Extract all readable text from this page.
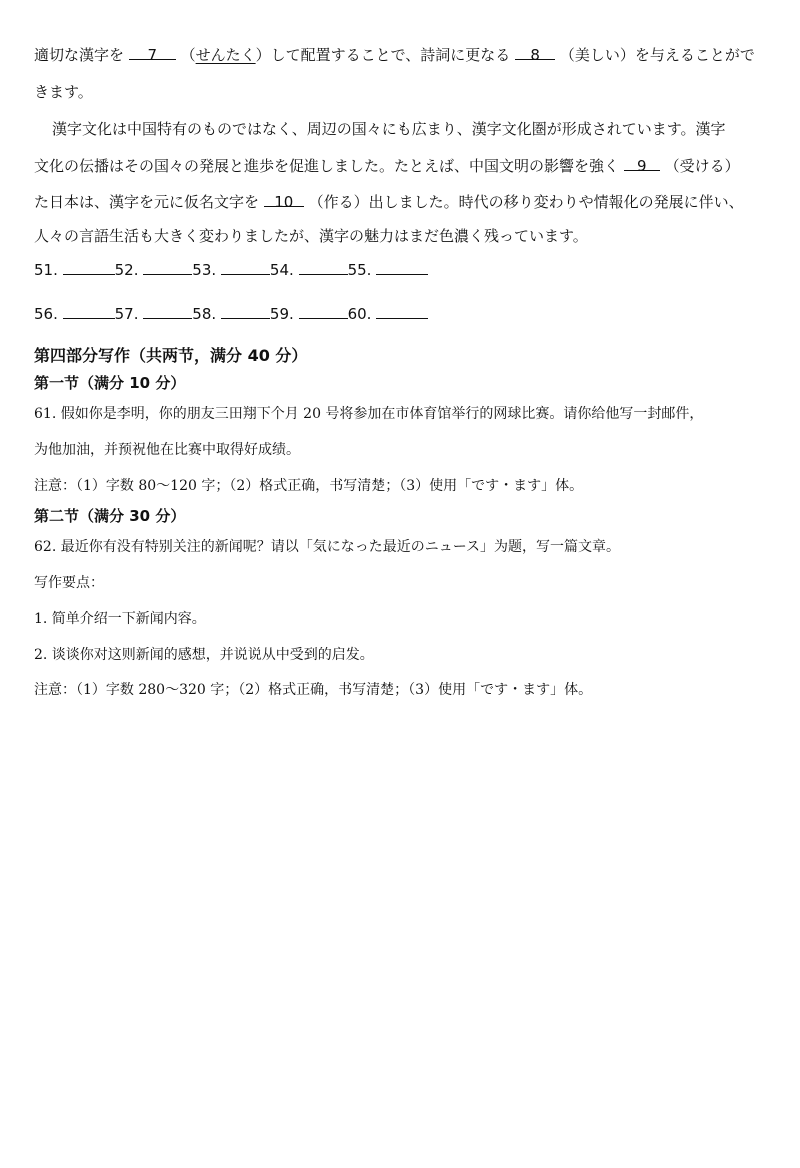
適切な漢字を 7 （せんたく）して配置することで、詩詞に更なる 8 （美しい）を与えることがで
きます。
漢字文化は中国特有のものではなく、周辺の国々にも広まり、漢字文化圏が形成されています。漢字
文化の伝播はその国々の発展と進歩を促進しました。たとえば、中国文明の影響を強く 9 （受ける）
た日本は、漢字を元に仮名文字を 10 （作る）出しました。時代の移り変わりや情報化の発展に伴い、
人々の言語生活も大きく変わりましたが、漢字の魅力はまだ色濃く残っています。
51.	52.	53.	54.	55.
56.	57.	58.	59.	60.
第四部分写作（共两节，满分 40 分）
第一节（满分 10 分）
61. 假如你是李明，你的朋友三田翔下个月 20 号将参加在市体育馆举行的网球比赛。请你给他写一封邮件，
为他加油，并预祝他在比赛中取得好成绩。
注意：（1）字数 80～120 字；（2）格式正确，书写清楚；（3）使用「です・ます」体。
第二节（满分 30 分）
62. 最近你有没有特别关注的新闻呢？请以「気になった最近のニュース」为题，写一篇文章。
写作要点：
1. 简单介绍一下新闻内容。
2. 谈谈你对这则新闻的感想，并说说从中受到的启发。
注意：（1）字数 280～320 字；（2）格式正确，书写清楚；（3）使用「です・ます」体。
